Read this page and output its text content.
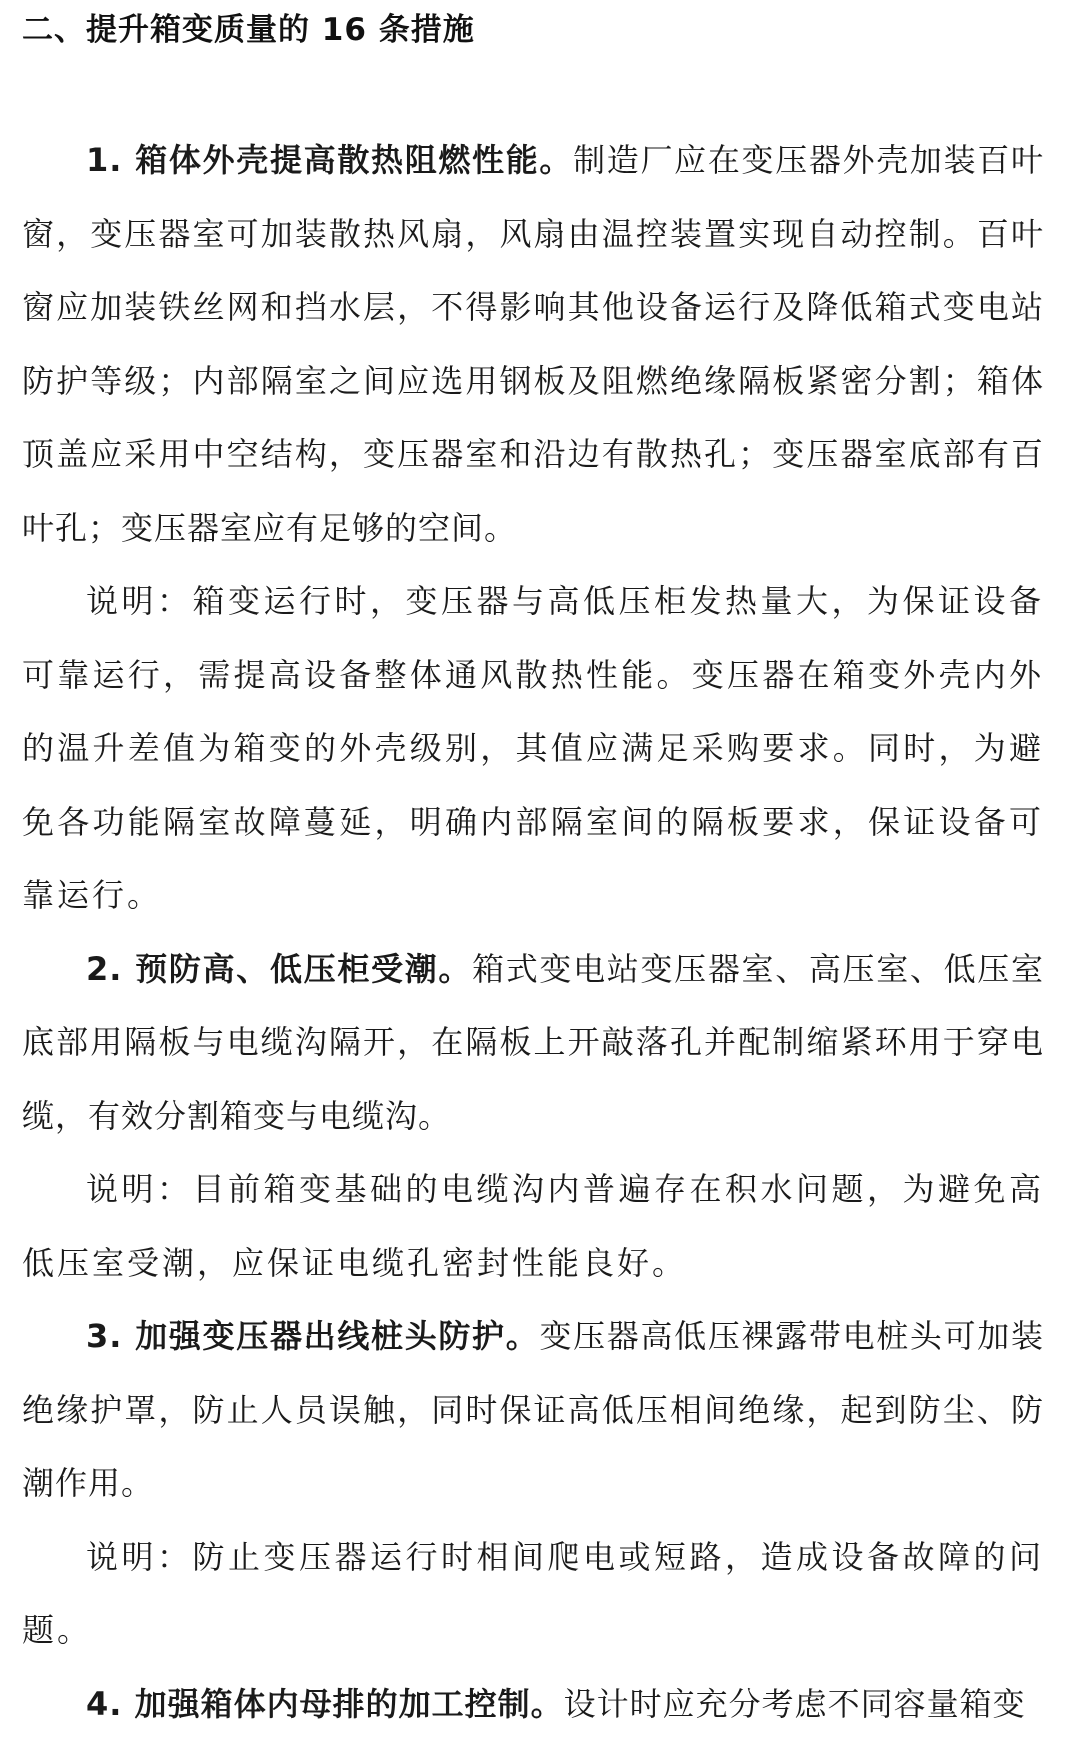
二、提升箱变质量的 16 条措施

1. 箱体外壳提高散热阻燃性能。制造厂应在变压器外壳加装百叶窗，变压器室可加装散热风扇，风扇由温控装置实现自动控制。百叶窗应加装铁丝网和挡水层，不得影响其他设备运行及降低箱式变电站防护等级；内部隔室之间应选用钢板及阻燃绝缘隔板紧密分割；箱体顶盖应采用中空结构，变压器室和沿边有散热孔；变压器室底部有百叶孔；变压器室应有足够的空间。

说明：箱变运行时，变压器与高低压柜发热量大，为保证设备可靠运行，需提高设备整体通风散热性能。变压器在箱变外壳内外的温升差值为箱变的外壳级别，其值应满足采购要求。同时，为避免各功能隔室故障蔓延，明确内部隔室间的隔板要求，保证设备可靠运行。

2. 预防高、低压柜受潮。箱式变电站变压器室、高压室、低压室底部用隔板与电缆沟隔开，在隔板上开敲落孔并配制缩紧环用于穿电缆，有效分割箱变与电缆沟。

说明：目前箱变基础的电缆沟内普遍存在积水问题，为避免高低压室受潮，应保证电缆孔密封性能良好。

3. 加强变压器出线桩头防护。变压器高低压裸露带电桩头可加装绝缘护罩，防止人员误触，同时保证高低压相间绝缘，起到防尘、防潮作用。

说明：防止变压器运行时相间爬电或短路，造成设备故障的问题。

4. 加强箱体内母排的加工控制。设计时应充分考虑不同容量箱变
